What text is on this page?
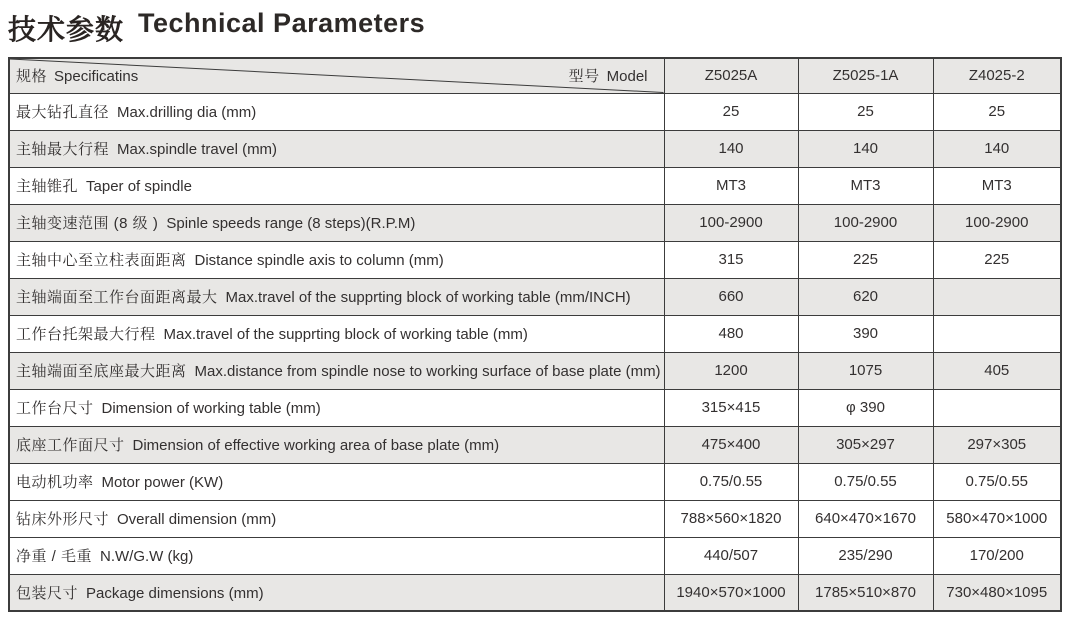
技术参数 Technical Parameters
规格 Specificatins 型号 Model	Z5025A	Z5025-1A	Z4025-2
最大钻孔直径 Max.drilling dia (mm)	25	25	25
主轴最大行程 Max.spindle travel (mm)	140	140	140
主轴锥孔 Taper of spindle	MT3	MT3	MT3
主轴变速范围 (8 级 ) Spinle speeds range (8 steps)(R.P.M)	100-2900	100-2900	100-2900
主轴中心至立柱表面距离 Distance spindle axis to column (mm)	315	225	225
主轴端面至工作台面距离最大 Max.travel of the supprting block of working table (mm/INCH)	660	620	
工作台托架最大行程 Max.travel of the supprting block of working table (mm)	480	390	
主轴端面至底座最大距离 Max.distance from spindle nose to working surface of base plate (mm)	1200	1075	405
工作台尺寸 Dimension of working table (mm)	315×415	φ 390	
底座工作面尺寸 Dimension of effective working area of base plate (mm)	475×400	305×297	297×305
电动机功率 Motor power (KW)	0.75/0.55	0.75/0.55	0.75/0.55
钻床外形尺寸 Overall dimension (mm)	788×560×1820	640×470×1670	580×470×1000
净重 / 毛重 N.W/G.W (kg)	440/507	235/290	170/200
包装尺寸 Package dimensions (mm)	1940×570×1000	1785×510×870	730×480×1095
